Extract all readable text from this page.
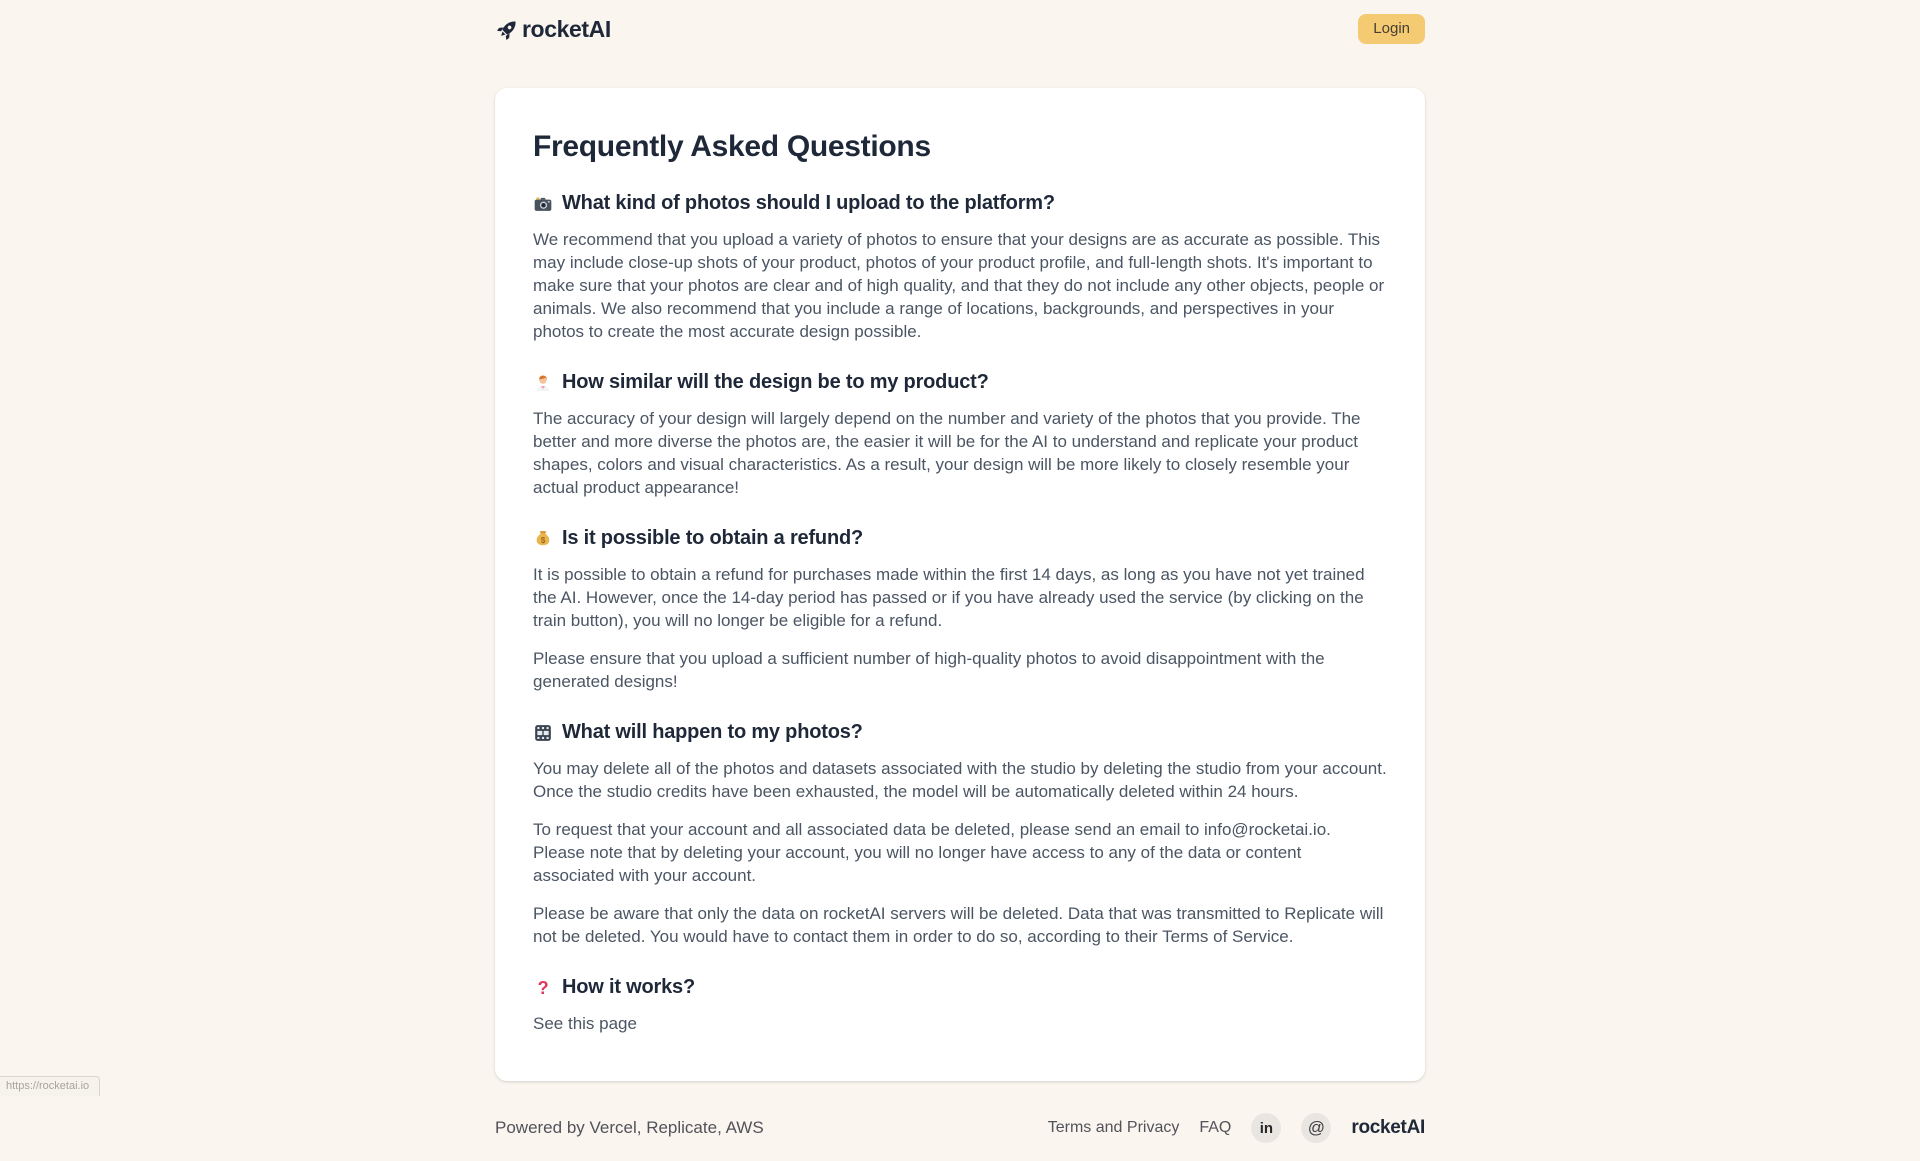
rocketAI	Login
Frequently Asked Questions
What kind of photos should I upload to the platform?

We recommend that you upload a variety of photos to ensure that your designs are as accurate as possible. This may include close-up shots of your product, photos of your product profile, and full-length shots. It's important to make sure that your photos are clear and of high quality, and that they do not include any other objects, people or animals. We also recommend that you include a range of locations, backgrounds, and perspectives in your photos to create the most accurate design possible.

How similar will the design be to my product?

The accuracy of your design will largely depend on the number and variety of the photos that you provide. The better and more diverse the photos are, the easier it will be for the AI to understand and replicate your product shapes, colors and visual characteristics. As a result, your design will be more likely to closely resemble your actual product appearance!

$ Is it possible to obtain a refund?

It is possible to obtain a refund for purchases made within the first 14 days, as long as you have not yet trained the AI. However, once the 14-day period has passed or if you have already used the service (by clicking on the train button), you will no longer be eligible for a refund.

Please ensure that you upload a sufficient number of high-quality photos to avoid disappointment with the generated designs!

What will happen to my photos?

You may delete all of the photos and datasets associated with the studio by deleting the studio from your account. Once the studio credits have been exhausted, the model will be automatically deleted within 24 hours.

To request that your account and all associated data be deleted, please send an email to info@rocketai.io. Please note that by deleting your account, you will no longer have access to any of the data or content associated with your account.

Please be aware that only the data on rocketAI servers will be deleted. Data that was transmitted to Replicate will not be deleted. You would have to contact them in order to do so, according to their Terms of Service.

? How it works?
See this page
Powered by Vercel, Replicate, AWS	Terms and Privacy FAQ in @ rocketAI
https://rocketai.io
